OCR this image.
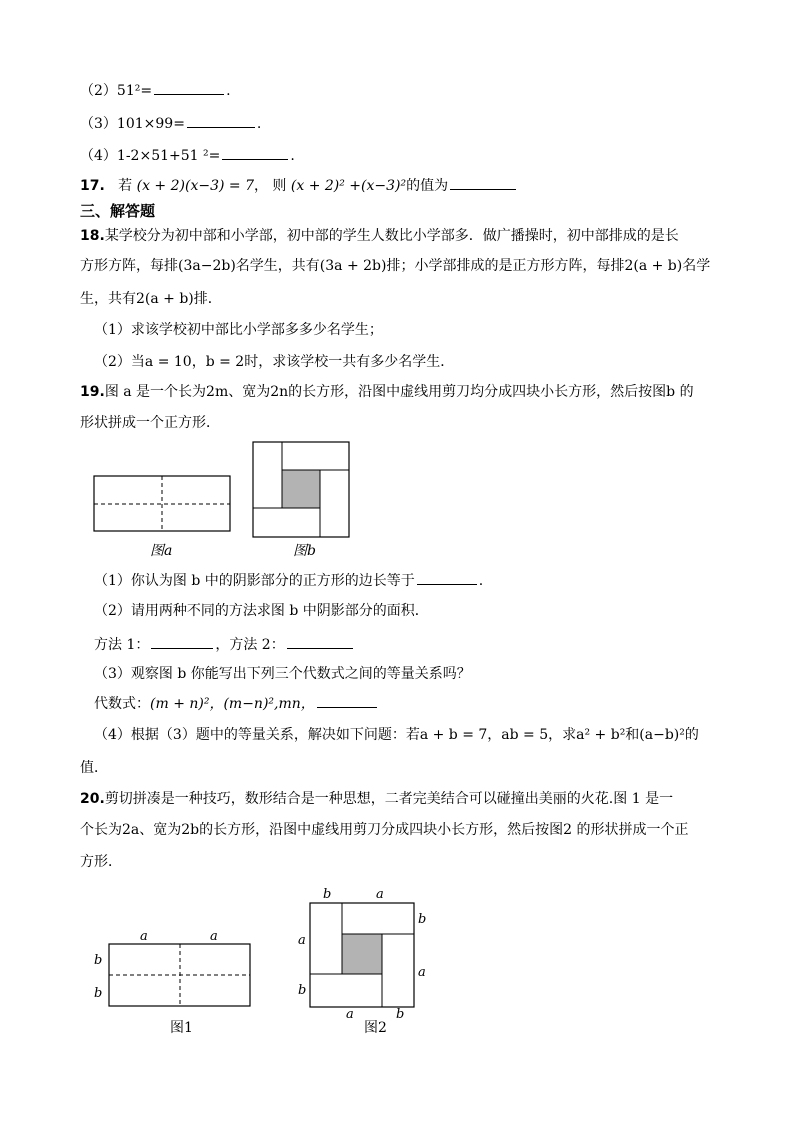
（2）51²=	.
（3）101×99=	.
（4）1-2×51+51 ²=	.
17. 若 (x + 2)(x−3) = 7， 则 (x + 2)² +(x−3)²的值为
三、解答题
18.某学校分为初中部和小学部，初中部的学生人数比小学部多．做广播操时，初中部排成的是长
方形方阵，每排(3a−2b)名学生，共有(3a + 2b)排；小学部排成的是正方形方阵，每排2(a + b)名学
生，共有2(a + b)排．
（1）求该学校初中部比小学部多多少名学生；
（2）当a = 10，b = 2时，求该学校一共有多少名学生．
19.图 a 是一个长为2m、宽为2n的长方形，沿图中虚线用剪刀均分成四块小长方形，然后按图b 的
形状拼成一个正方形．
图a	图b
（1）你认为图 b 中的阴影部分的正方形的边长等于	.
（2）请用两种不同的方法求图 b 中阴影部分的面积．
方法 1：	，方法 2：
（3）观察图 b 你能写出下列三个代数式之间的等量关系吗？
代数式：(m + n)²，(m−n)²,mn，
（4）根据（3）题中的等量关系，解决如下问题：若a + b = 7，ab = 5，求a² + b²和(a−b)²的
值．
20.剪切拼凑是一种技巧，数形结合是一种思想，二者完美结合可以碰撞出美丽的火花.图 1 是一
个长为2a、宽为2b的长方形，沿图中虚线用剪刀分成四块小长方形，然后按图2 的形状拼成一个正
方形．
a	a
b
b
图1
b	a
b
a
a
b
a	b
图2
